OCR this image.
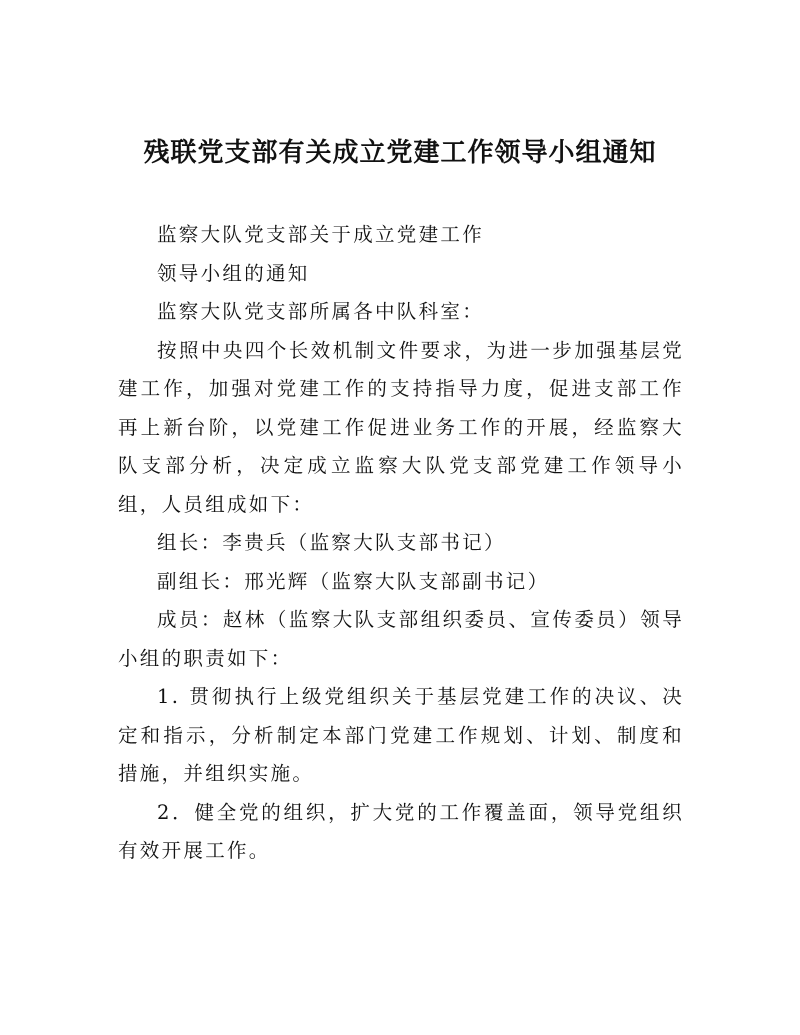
残联党支部有关成立党建工作领导小组通知

监察大队党支部关于成立党建工作

领导小组的通知

监察大队党支部所属各中队科室：

按照中央四个长效机制文件要求，为进一步加强基层党建工作，加强对党建工作的支持指导力度，促进支部工作再上新台阶，以党建工作促进业务工作的开展，经监察大队支部分析，决定成立监察大队党支部党建工作领导小组，人员组成如下：

组长：李贵兵（监察大队支部书记）

副组长：邢光辉（监察大队支部副书记）

成员：赵林（监察大队支部组织委员、宣传委员）领导小组的职责如下：

1. 贯彻执行上级党组织关于基层党建工作的决议、决定和指示，分析制定本部门党建工作规划、计划、制度和措施，并组织实施。

2．健全党的组织，扩大党的工作覆盖面，领导党组织有效开展工作。
